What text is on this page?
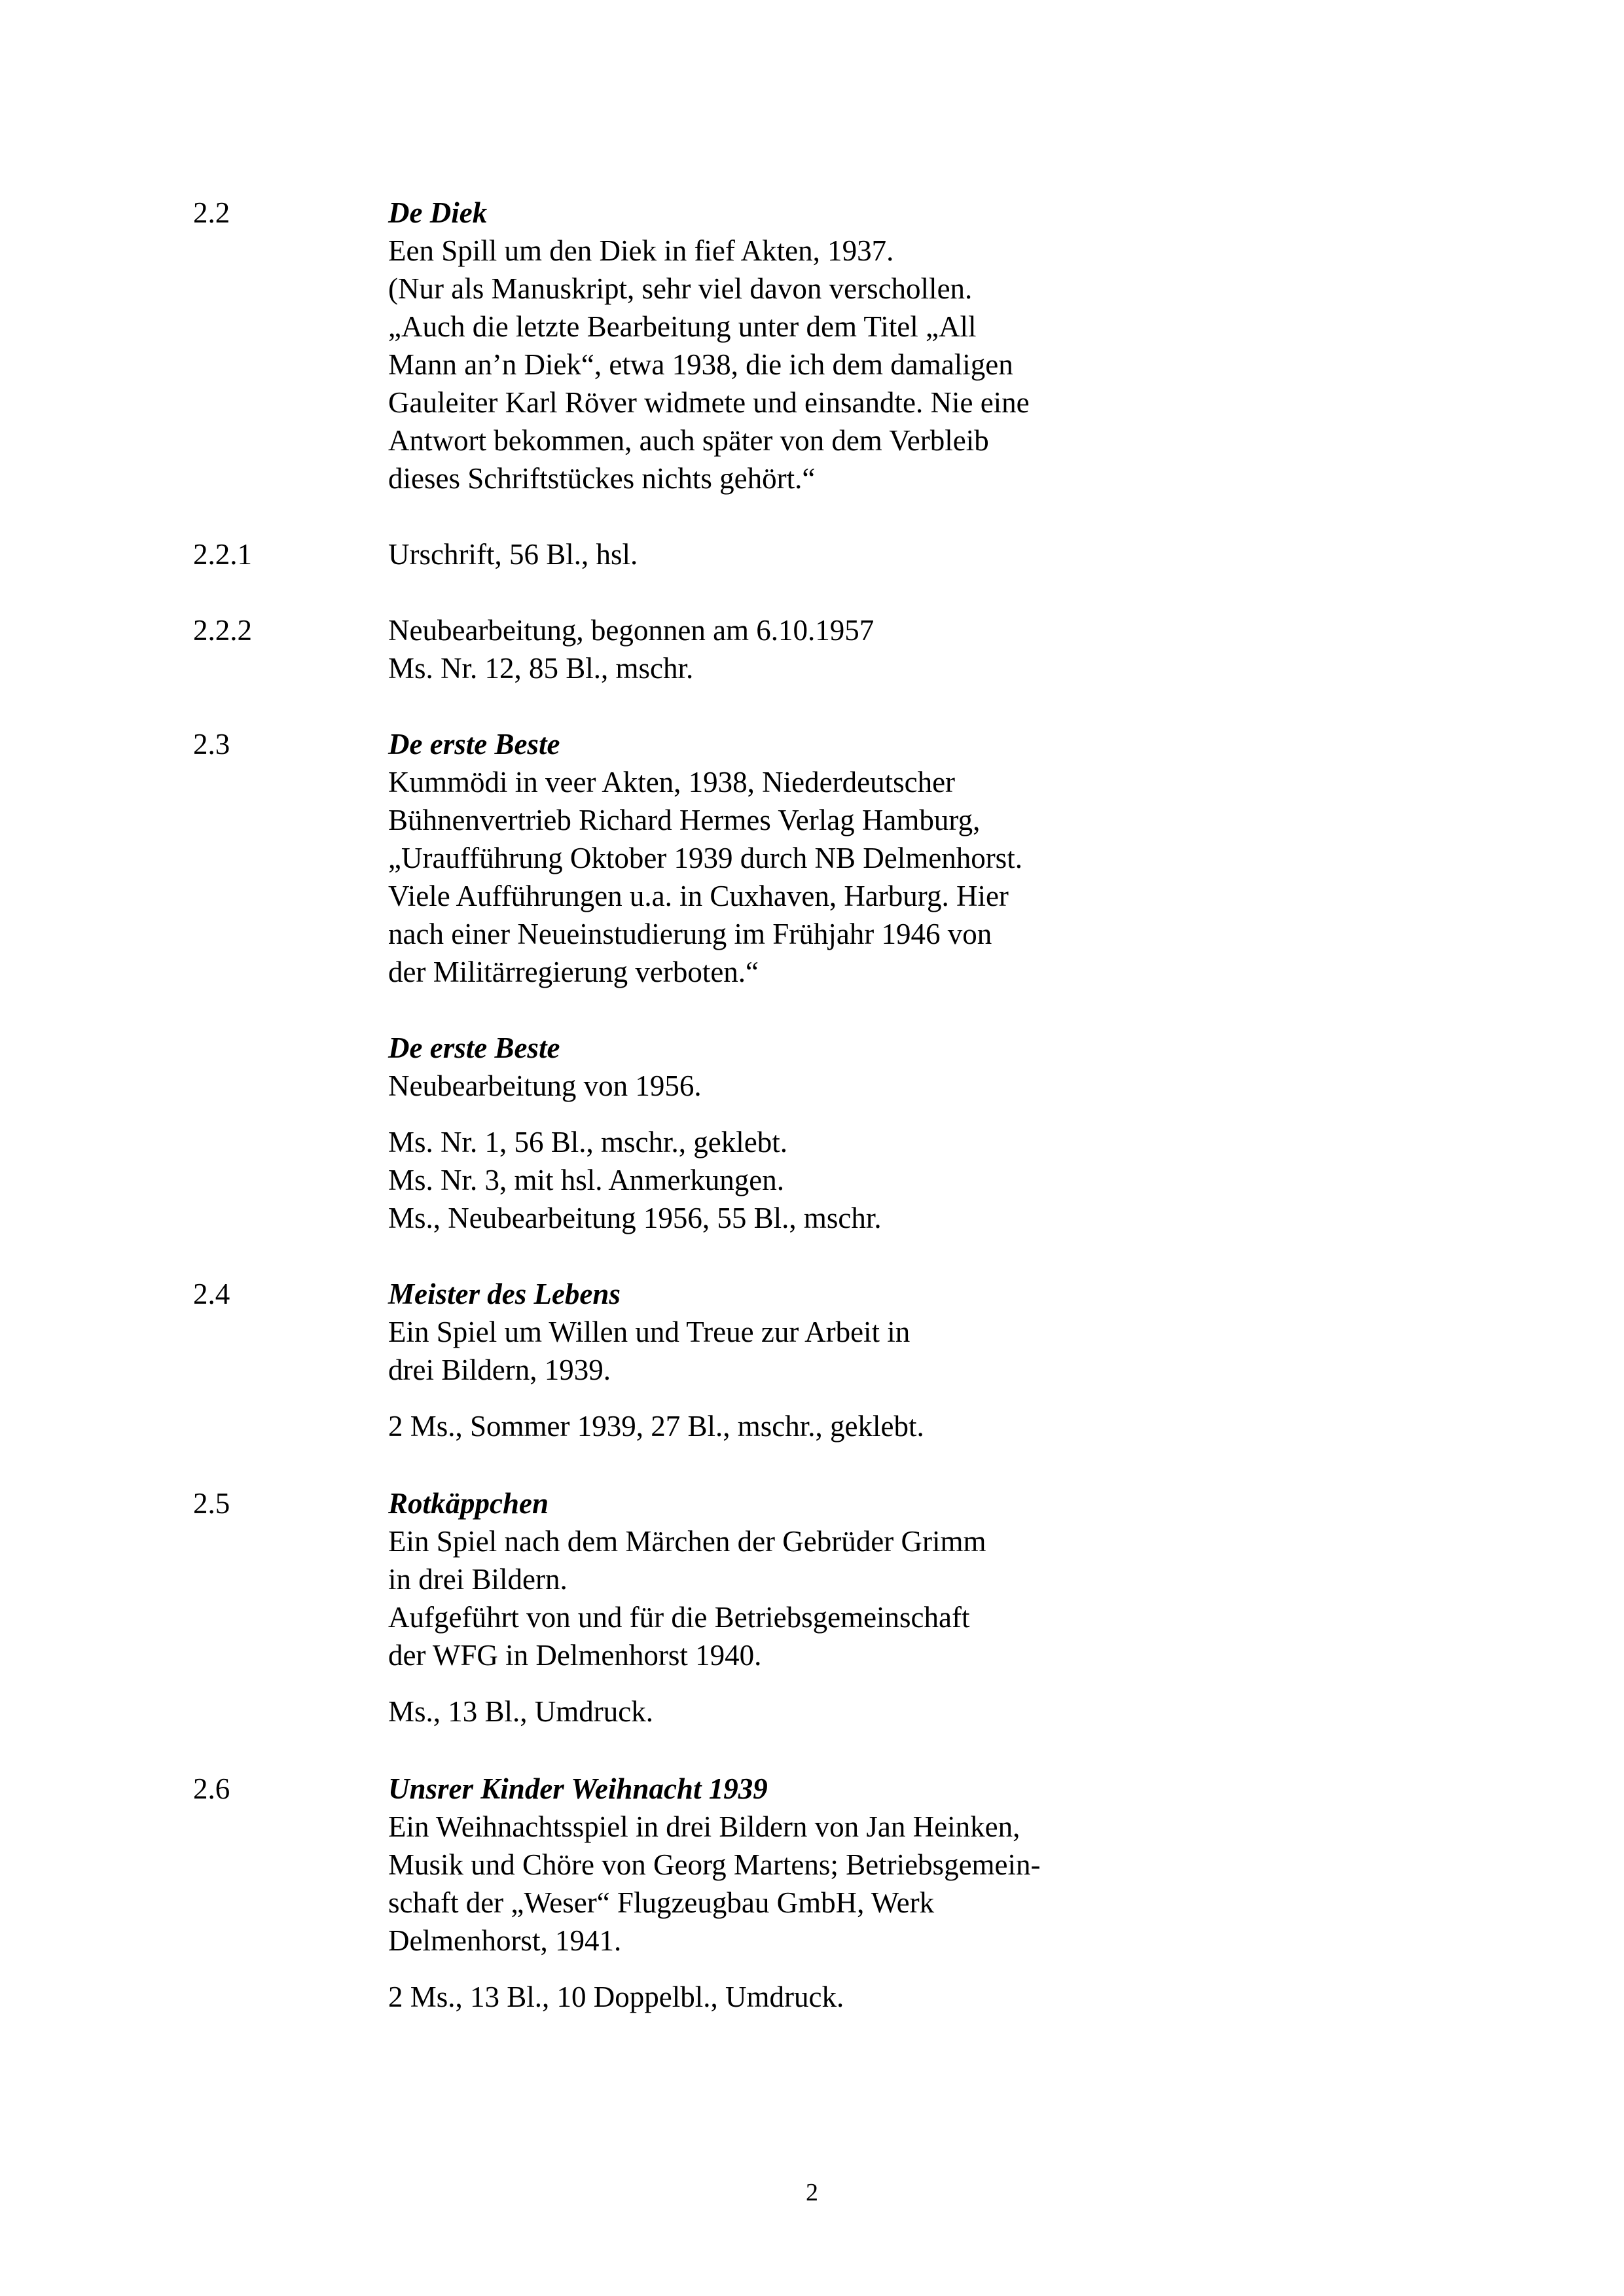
2.2	De Diek
Een Spill um den Diek in fief Akten, 1937.
(Nur als Manuskript, sehr viel davon verschollen.
„Auch die letzte Bearbeitung unter dem Titel „All
Mann an’n Diek“, etwa 1938, die ich dem damaligen
Gauleiter Karl Röver widmete und einsandte. Nie eine
Antwort bekommen, auch später von dem Verbleib
dieses Schriftstückes nichts gehört.“
2.2.1	Urschrift, 56 Bl., hsl.
2.2.2	Neubearbeitung, begonnen am 6.10.1957
Ms. Nr. 12, 85 Bl., mschr.
2.3	De erste Beste
Kummödi in veer Akten, 1938, Niederdeutscher
Bühnenvertrieb Richard Hermes Verlag Hamburg,
„Uraufführung Oktober 1939 durch NB Delmenhorst.
Viele Aufführungen u.a. in Cuxhaven, Harburg. Hier
nach einer Neueinstudierung im Frühjahr 1946 von
der Militärregierung verboten.“
De erste Beste
Neubearbeitung von 1956.
Ms. Nr. 1, 56 Bl., mschr., geklebt.
Ms. Nr. 3, mit hsl. Anmerkungen.
Ms., Neubearbeitung 1956, 55 Bl., mschr.
2.4	Meister des Lebens
Ein Spiel um Willen und Treue zur Arbeit in
drei Bildern, 1939.
2 Ms., Sommer 1939, 27 Bl., mschr., geklebt.
2.5	Rotkäppchen
Ein Spiel nach dem Märchen der Gebrüder Grimm
in drei Bildern.
Aufgeführt von und für die Betriebsgemeinschaft
der WFG in Delmenhorst 1940.
Ms., 13 Bl., Umdruck.
2.6	Unsrer Kinder Weihnacht 1939
Ein Weihnachtsspiel in drei Bildern von Jan Heinken,
Musik und Chöre von Georg Martens; Betriebsgemein-
schaft der „Weser“ Flugzeugbau GmbH, Werk
Delmenhorst, 1941.
2 Ms., 13 Bl., 10 Doppelbl., Umdruck.
2
